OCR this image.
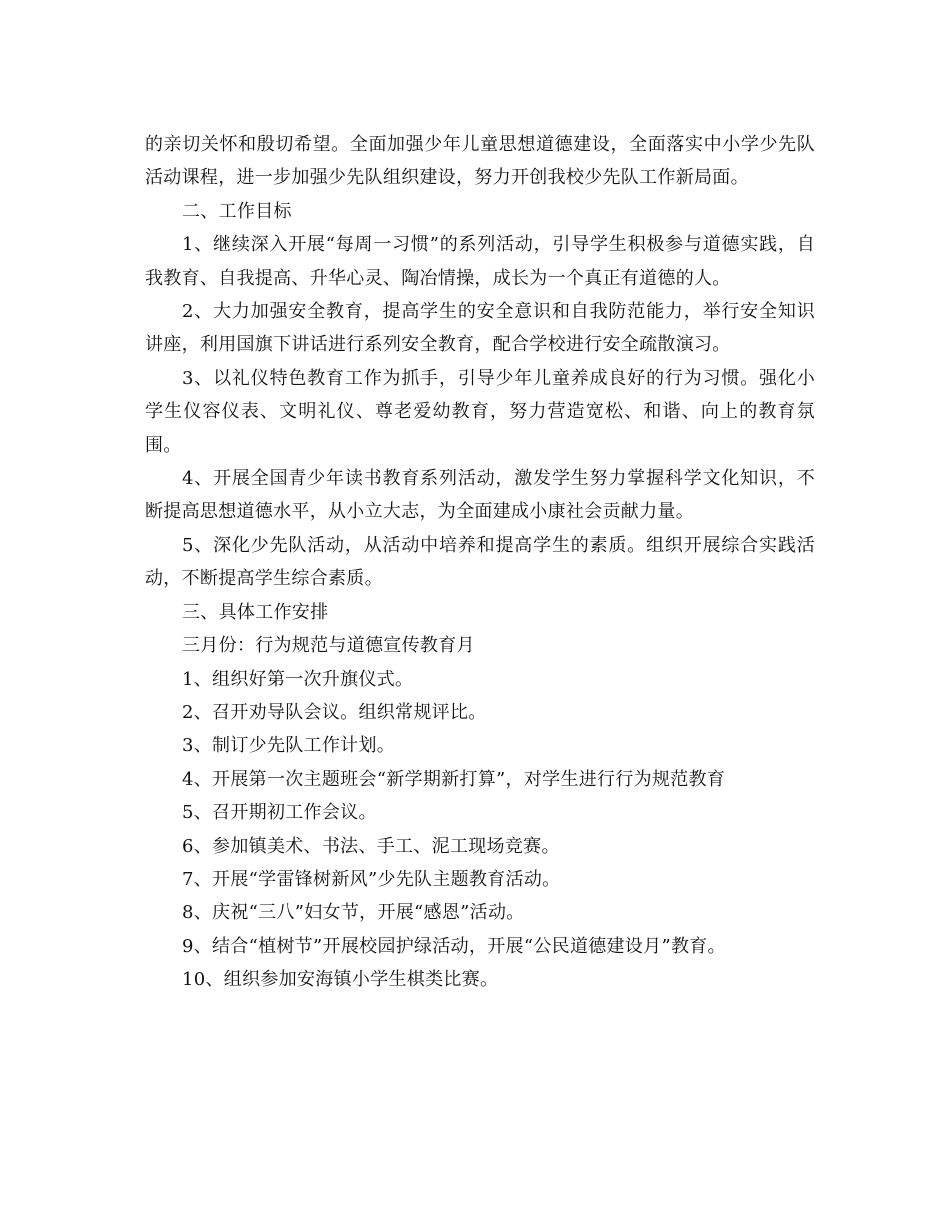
的亲切关怀和殷切希望。全面加强少年儿童思想道德建设，全面落实中小学少先队活动课程，进一步加强少先队组织建设，努力开创我校少先队工作新局面。

二、工作目标

1、继续深入开展“每周一习惯”的系列活动，引导学生积极参与道德实践，自我教育、自我提高、升华心灵、陶冶情操，成长为一个真正有道德的人。

2、大力加强安全教育，提高学生的安全意识和自我防范能力，举行安全知识讲座，利用国旗下讲话进行系列安全教育，配合学校进行安全疏散演习。

3、以礼仪特色教育工作为抓手，引导少年儿童养成良好的行为习惯。强化小学生仪容仪表、文明礼仪、尊老爱幼教育，努力营造宽松、和谐、向上的教育氛围。

4、开展全国青少年读书教育系列活动，激发学生努力掌握科学文化知识，不断提高思想道德水平，从小立大志，为全面建成小康社会贡献力量。

5、深化少先队活动，从活动中培养和提高学生的素质。组织开展综合实践活动，不断提高学生综合素质。

三、具体工作安排

三月份：行为规范与道德宣传教育月

1、组织好第一次升旗仪式。

2、召开劝导队会议。组织常规评比。

3、制订少先队工作计划。

4、开展第一次主题班会“新学期新打算”，对学生进行行为规范教育

5、召开期初工作会议。

6、参加镇美术、书法、手工、泥工现场竞赛。

7、开展“学雷锋树新风”少先队主题教育活动。

8、庆祝“三八”妇女节，开展“感恩”活动。

9、结合“植树节”开展校园护绿活动，开展“公民道德建设月”教育。

10、组织参加安海镇小学生棋类比赛。
